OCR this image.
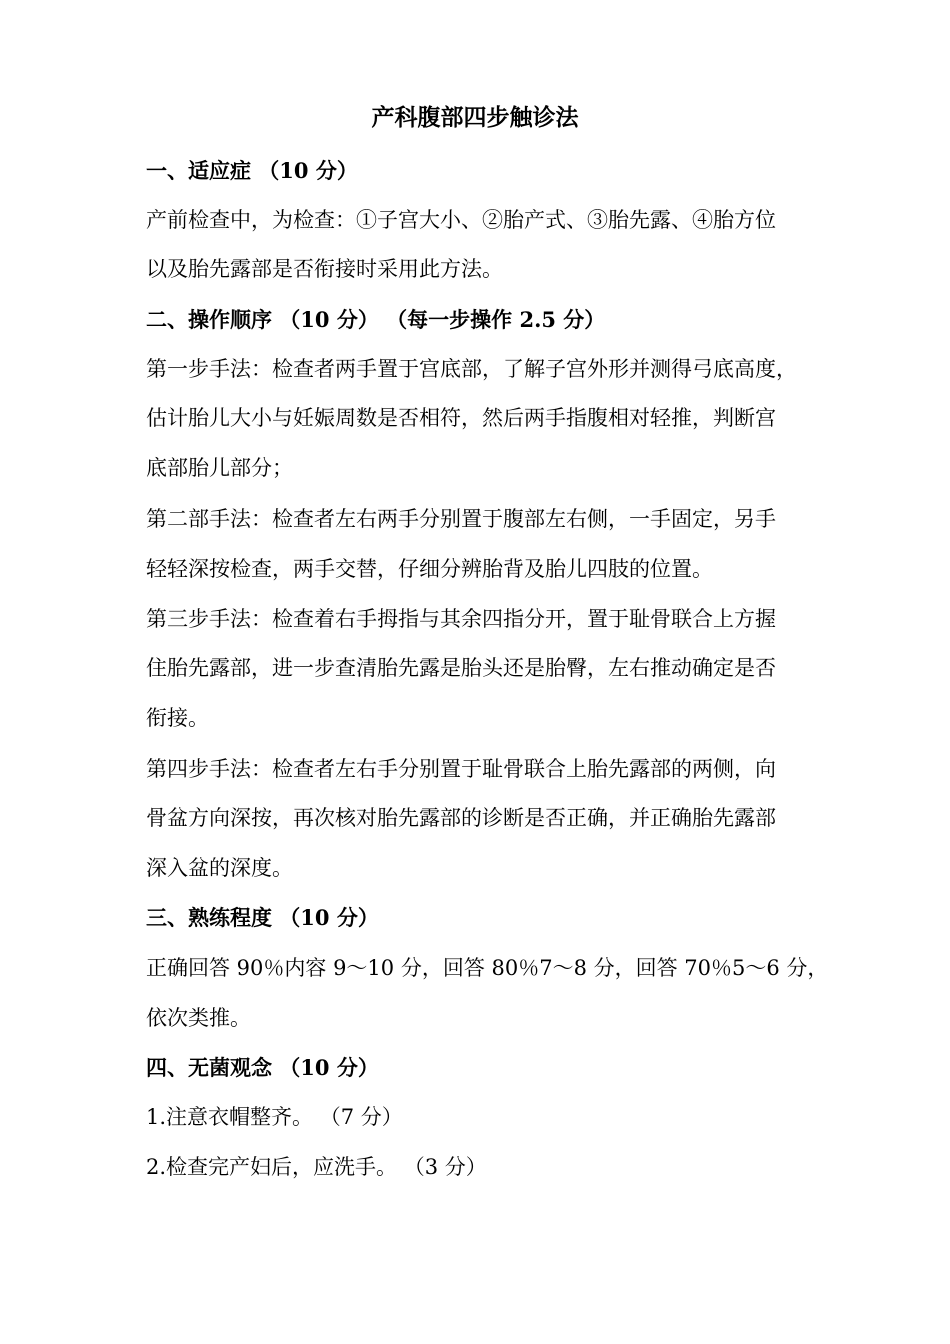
产科腹部四步触诊法
一、适应症 （10 分）
产前检查中，为检查：①子宫大小、②胎产式、③胎先露、④胎方位
以及胎先露部是否衔接时采用此方法。
二、操作顺序 （10 分） （每一步操作 2.5 分）
第一步手法：检查者两手置于宫底部，了解子宫外形并测得弓底高度，
估计胎儿大小与妊娠周数是否相符，然后两手指腹相对轻推，判断宫
底部胎儿部分；
第二部手法：检查者左右两手分别置于腹部左右侧，一手固定，另手
轻轻深按检查，两手交替，仔细分辨胎背及胎儿四肢的位置。
第三步手法：检查着右手拇指与其余四指分开，置于耻骨联合上方握
住胎先露部，进一步查清胎先露是胎头还是胎臀，左右推动确定是否
衔接。
第四步手法：检查者左右手分别置于耻骨联合上胎先露部的两侧，向
骨盆方向深按，再次核对胎先露部的诊断是否正确，并正确胎先露部
深入盆的深度。
三、熟练程度 （10 分）
正确回答 90％内容 9～10 分，回答 80％7～8 分，回答 70％5～6 分，
依次类推。
四、无菌观念 （10 分）
1.注意衣帽整齐。 （7 分）
2.检查完产妇后，应洗手。 （3 分）
